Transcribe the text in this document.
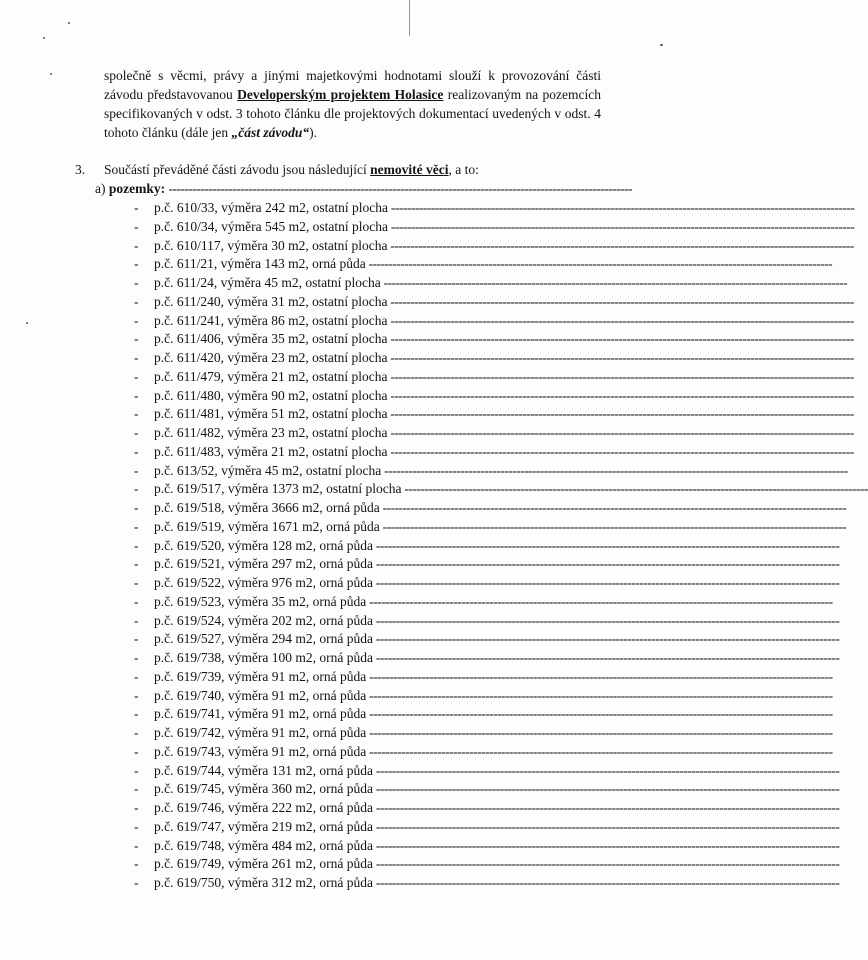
společně s věcmi, právy a jinými majetkovými hodnotami slouží k provozování části závodu představovanou Developerským projektem Holasice realizovaným na pozemcích specifikovaných v odst. 3 tohoto článku dle projektových dokumentací uvedených v odst. 4 tohoto článku (dále jen „část závodu“).

3. Součástí převáděné části závodu jsou následující nemovité věci, a to:
a) pozemky: --------------------------------------------------------------------------------------------------------------------
- p.č. 610/33, výměra 242 m2, ostatní plocha --------------------------------------------------------------------------------------------------------------------
- p.č. 610/34, výměra 545 m2, ostatní plocha --------------------------------------------------------------------------------------------------------------------
- p.č. 610/117, výměra 30 m2, ostatní plocha --------------------------------------------------------------------------------------------------------------------
- p.č. 611/21, výměra 143 m2, orná půda --------------------------------------------------------------------------------------------------------------------
- p.č. 611/24, výměra 45 m2, ostatní plocha --------------------------------------------------------------------------------------------------------------------
- p.č. 611/240, výměra 31 m2, ostatní plocha --------------------------------------------------------------------------------------------------------------------
- p.č. 611/241, výměra 86 m2, ostatní plocha --------------------------------------------------------------------------------------------------------------------
- p.č. 611/406, výměra 35 m2, ostatní plocha --------------------------------------------------------------------------------------------------------------------
- p.č. 611/420, výměra 23 m2, ostatní plocha --------------------------------------------------------------------------------------------------------------------
- p.č. 611/479, výměra 21 m2, ostatní plocha --------------------------------------------------------------------------------------------------------------------
- p.č. 611/480, výměra 90 m2, ostatní plocha --------------------------------------------------------------------------------------------------------------------
- p.č. 611/481, výměra 51 m2, ostatní plocha --------------------------------------------------------------------------------------------------------------------
- p.č. 611/482, výměra 23 m2, ostatní plocha --------------------------------------------------------------------------------------------------------------------
- p.č. 611/483, výměra 21 m2, ostatní plocha --------------------------------------------------------------------------------------------------------------------
- p.č. 613/52, výměra 45 m2, ostatní plocha --------------------------------------------------------------------------------------------------------------------
- p.č. 619/517, výměra 1373 m2, ostatní plocha --------------------------------------------------------------------------------------------------------------------
- p.č. 619/518, výměra 3666 m2, orná půda --------------------------------------------------------------------------------------------------------------------
- p.č. 619/519, výměra 1671 m2, orná půda --------------------------------------------------------------------------------------------------------------------
- p.č. 619/520, výměra 128 m2, orná půda --------------------------------------------------------------------------------------------------------------------
- p.č. 619/521, výměra 297 m2, orná půda --------------------------------------------------------------------------------------------------------------------
- p.č. 619/522, výměra 976 m2, orná půda --------------------------------------------------------------------------------------------------------------------
- p.č. 619/523, výměra 35 m2, orná půda --------------------------------------------------------------------------------------------------------------------
- p.č. 619/524, výměra 202 m2, orná půda --------------------------------------------------------------------------------------------------------------------
- p.č. 619/527, výměra 294 m2, orná půda --------------------------------------------------------------------------------------------------------------------
- p.č. 619/738, výměra 100 m2, orná půda --------------------------------------------------------------------------------------------------------------------
- p.č. 619/739, výměra 91 m2, orná půda --------------------------------------------------------------------------------------------------------------------
- p.č. 619/740, výměra 91 m2, orná půda --------------------------------------------------------------------------------------------------------------------
- p.č. 619/741, výměra 91 m2, orná půda --------------------------------------------------------------------------------------------------------------------
- p.č. 619/742, výměra 91 m2, orná půda --------------------------------------------------------------------------------------------------------------------
- p.č. 619/743, výměra 91 m2, orná půda --------------------------------------------------------------------------------------------------------------------
- p.č. 619/744, výměra 131 m2, orná půda --------------------------------------------------------------------------------------------------------------------
- p.č. 619/745, výměra 360 m2, orná půda --------------------------------------------------------------------------------------------------------------------
- p.č. 619/746, výměra 222 m2, orná půda --------------------------------------------------------------------------------------------------------------------
- p.č. 619/747, výměra 219 m2, orná půda --------------------------------------------------------------------------------------------------------------------
- p.č. 619/748, výměra 484 m2, orná půda --------------------------------------------------------------------------------------------------------------------
- p.č. 619/749, výměra 261 m2, orná půda --------------------------------------------------------------------------------------------------------------------
- p.č. 619/750, výměra 312 m2, orná půda --------------------------------------------------------------------------------------------------------------------
